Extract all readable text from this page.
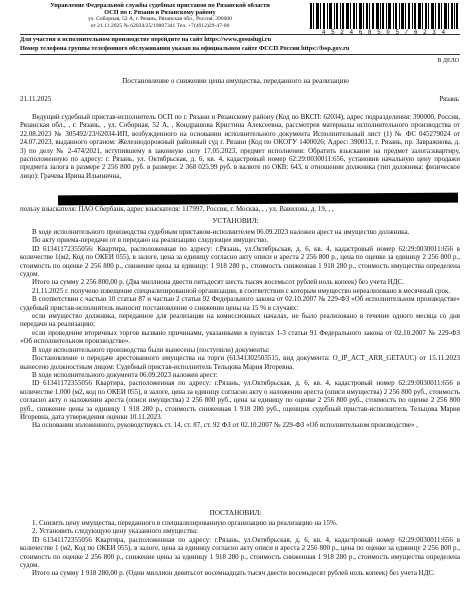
Управление Федеральной службы судебных приставов по Рязанской области
ОСП по г. Рязани и Рязанскому району
ул. Соборная, 52 А, г. Рязань, Рязанская обл., Россия, 390000
от 21.11.2025 № 62034/25/19807341 Тел. +7(4912)29-47-00
4 5 2 4 6 8 5 0 5 / 6 2 3 4
Для участия в исполнительном производстве перейдите на сайт https://www.gosuslugi.ru
Номер телефона группы телефонного обслуживания указан на официальном сайте ФССП России https://fssp.gov.ru
В ДЕЛО
Постановление о снижении цены имущества, переданного на реализацию
21.11.2025	Рязань

Ведущий судебный пристав-исполнитель ОСП по г. Рязани и Рязанскому району (Код по ВКСП: 62034), адрес подразделения: 390000, Россия, Рязанская обл., , г. Рязань, , ул. Соборная, 52 А, , Кондрашова Кристина Алексеевна, рассмотрев материалы исполнительного производства от 22.08.2023 № 305492/23/62034-ИП, возбужденного на основании исполнительного документа Исполнительный лист (1) № ФС 045279024 от 24.07.2023, выданного органом: Железнодорожный районный суд г. Рязани (Код по ОКОГУ 1400026; Адрес: 390013, г. Рязань, пр. Завражнова, д. 3) по делу № 2-474/2021, вступившему в законную силу 17.05.2023, предмет исполнения: Обратить взыскание на предмет залога:квартиру, расположенную по адресу: г. Рязань, ул. Октябрьская, д. 6, кв. 4, кадастровый номер 62:29:0030011:656, установив начальную цену продажи предмета залога в размере 2 256 800 руб. в размере: 2 368 025.99 руб. в валюте по ОКВ: 643, в отношении должника (тип должника: физическое лицо): Грачева Ирина Ильинична,

пользу взыскателя: ПАО Сбербанк, адрес взыскателя: 117997, Россия, г. Москва, , , ул. Вавилова, д. 19, , ,
УСТАНОВИЛ:

В ходе исполнительного производства судебным приставом-исполнителем 06.09.2023 наложен арест на имущество должника.

По акту приема-передачи от в передано на реализацию следующее имущество.

ID 61341172355056: Квартира, расположенная по адресу: г.Рязань, ул.Октябрьская, д. 6, кв. 4, кадастровый номер 62:29:0030011:656 в количестве 1(м2, Код по ОКЕИ 055), в залоге, цена за единицу согласно акту описи и ареста 2 256 800 р., цена по оценке за единицу 2 256 800 р., стоимость по оценке 2 256 800 р., снижение цены за единицу: 1 918 280 р., стоимость сниженная 1 918 280 р., стоимость имущества определена судом.

Итого на сумму 2 256 800,00 р. (Два миллиона двести пятьдесят шесть тысяч восемьсот рублей ноль копеек) без учета НДС.

21.11.2025 г. получено извещение специализированной организации, в соответствии с которым имущество нереализовано в месячный срок.

В соответствии с частью 10 статьи 87 и частью 2 статьи 92 Федерального закона от 02.10.2007 № 229-ФЗ «Об исполнительном производстве» судебный пристав-исполнитель выносит постановление о снижении цены на 15 % в случаях:

если имущество должника, переданное для реализации на комиссионных началах, не было реализовано в течение одного месяца со дня передачи на реализацию;

если проведение вторичных торгов вызвано причинами, указанными в пунктах 1-3 статьи 91 Федерального закона от 02.10.2007 № 229-ФЗ «Об исполнительном производстве».

В ходе исполнительного производства были вынесены (поступили) документы:

Постановление о передаче арестованного имущества на торги (61341302503515, вид документа: O_IP_ACT_ARR_GETAUC) от 15.11.2023 вынесено должностным лицом: Судебный пристав-исполнитель Тельцова Мария Игоревна.

В ходе исполнительного документа 06.09.2023 наложен арест:

ID 61341172355056 Квартира, расположенная по адресу: г.Рязань, ул.Октябрьская, д. 6, кв. 4, кадастровый номер 62:29:0030011:656 в количестве 1.000 (м2, код по ОКЕИ 055), в залоге, цена за единицу согласно акту о наложении ареста (описи имущества) 2 256 800 руб., стоимость согласно акту о наложении ареста (описи имущества) 2 256 800 руб., цена за единицу по оценке 2 256 800 руб., стоимость по оценке 2 256 800 руб., снижение цены за единицу 1 918 280 р., стоимость сниженная 1 918 280 руб., оценщик судебный пристав-исполнитель Тельцова Мария Игоревна, дата утверждения оценки 10.11.2023.

На основании изложенного, руководствуясь ст. 14, ст. 87, ст. 92 ФЗ от 02.10.2007 № 229-ФЗ «Об исполнительном производстве» ,

ПОСТАНОВИЛ:

1. Снизить цену имущества, переданного в специализированную организацию на реализацию на 15%.

2. Установить следующую цену указанного имущества:

ID 61341172355056 Квартира, расположенная по адресу: г.Рязань, ул.Октябрьская, д. 6, кв. 4, кадастровый номер 62:29:0030011:656 в количестве 1 (м2, Код по ОКЕИ 055), в залоге, цена за единицу согласно акту описи и ареста 2 256 800 р., цена по оценке за единицу 2 256 800 р., стоимость по оценке 2 256 800 р., снижение цены за единицу 1 918 280 р., стоимость сниженная 1 918 280 р., стоимость имущества определена судом.

Итого на сумму 1 918 280,00 р. (Один миллион девятьсот восемнадцать тысяч двести восемьдесят рублей ноль копеек) без учета НДС.
